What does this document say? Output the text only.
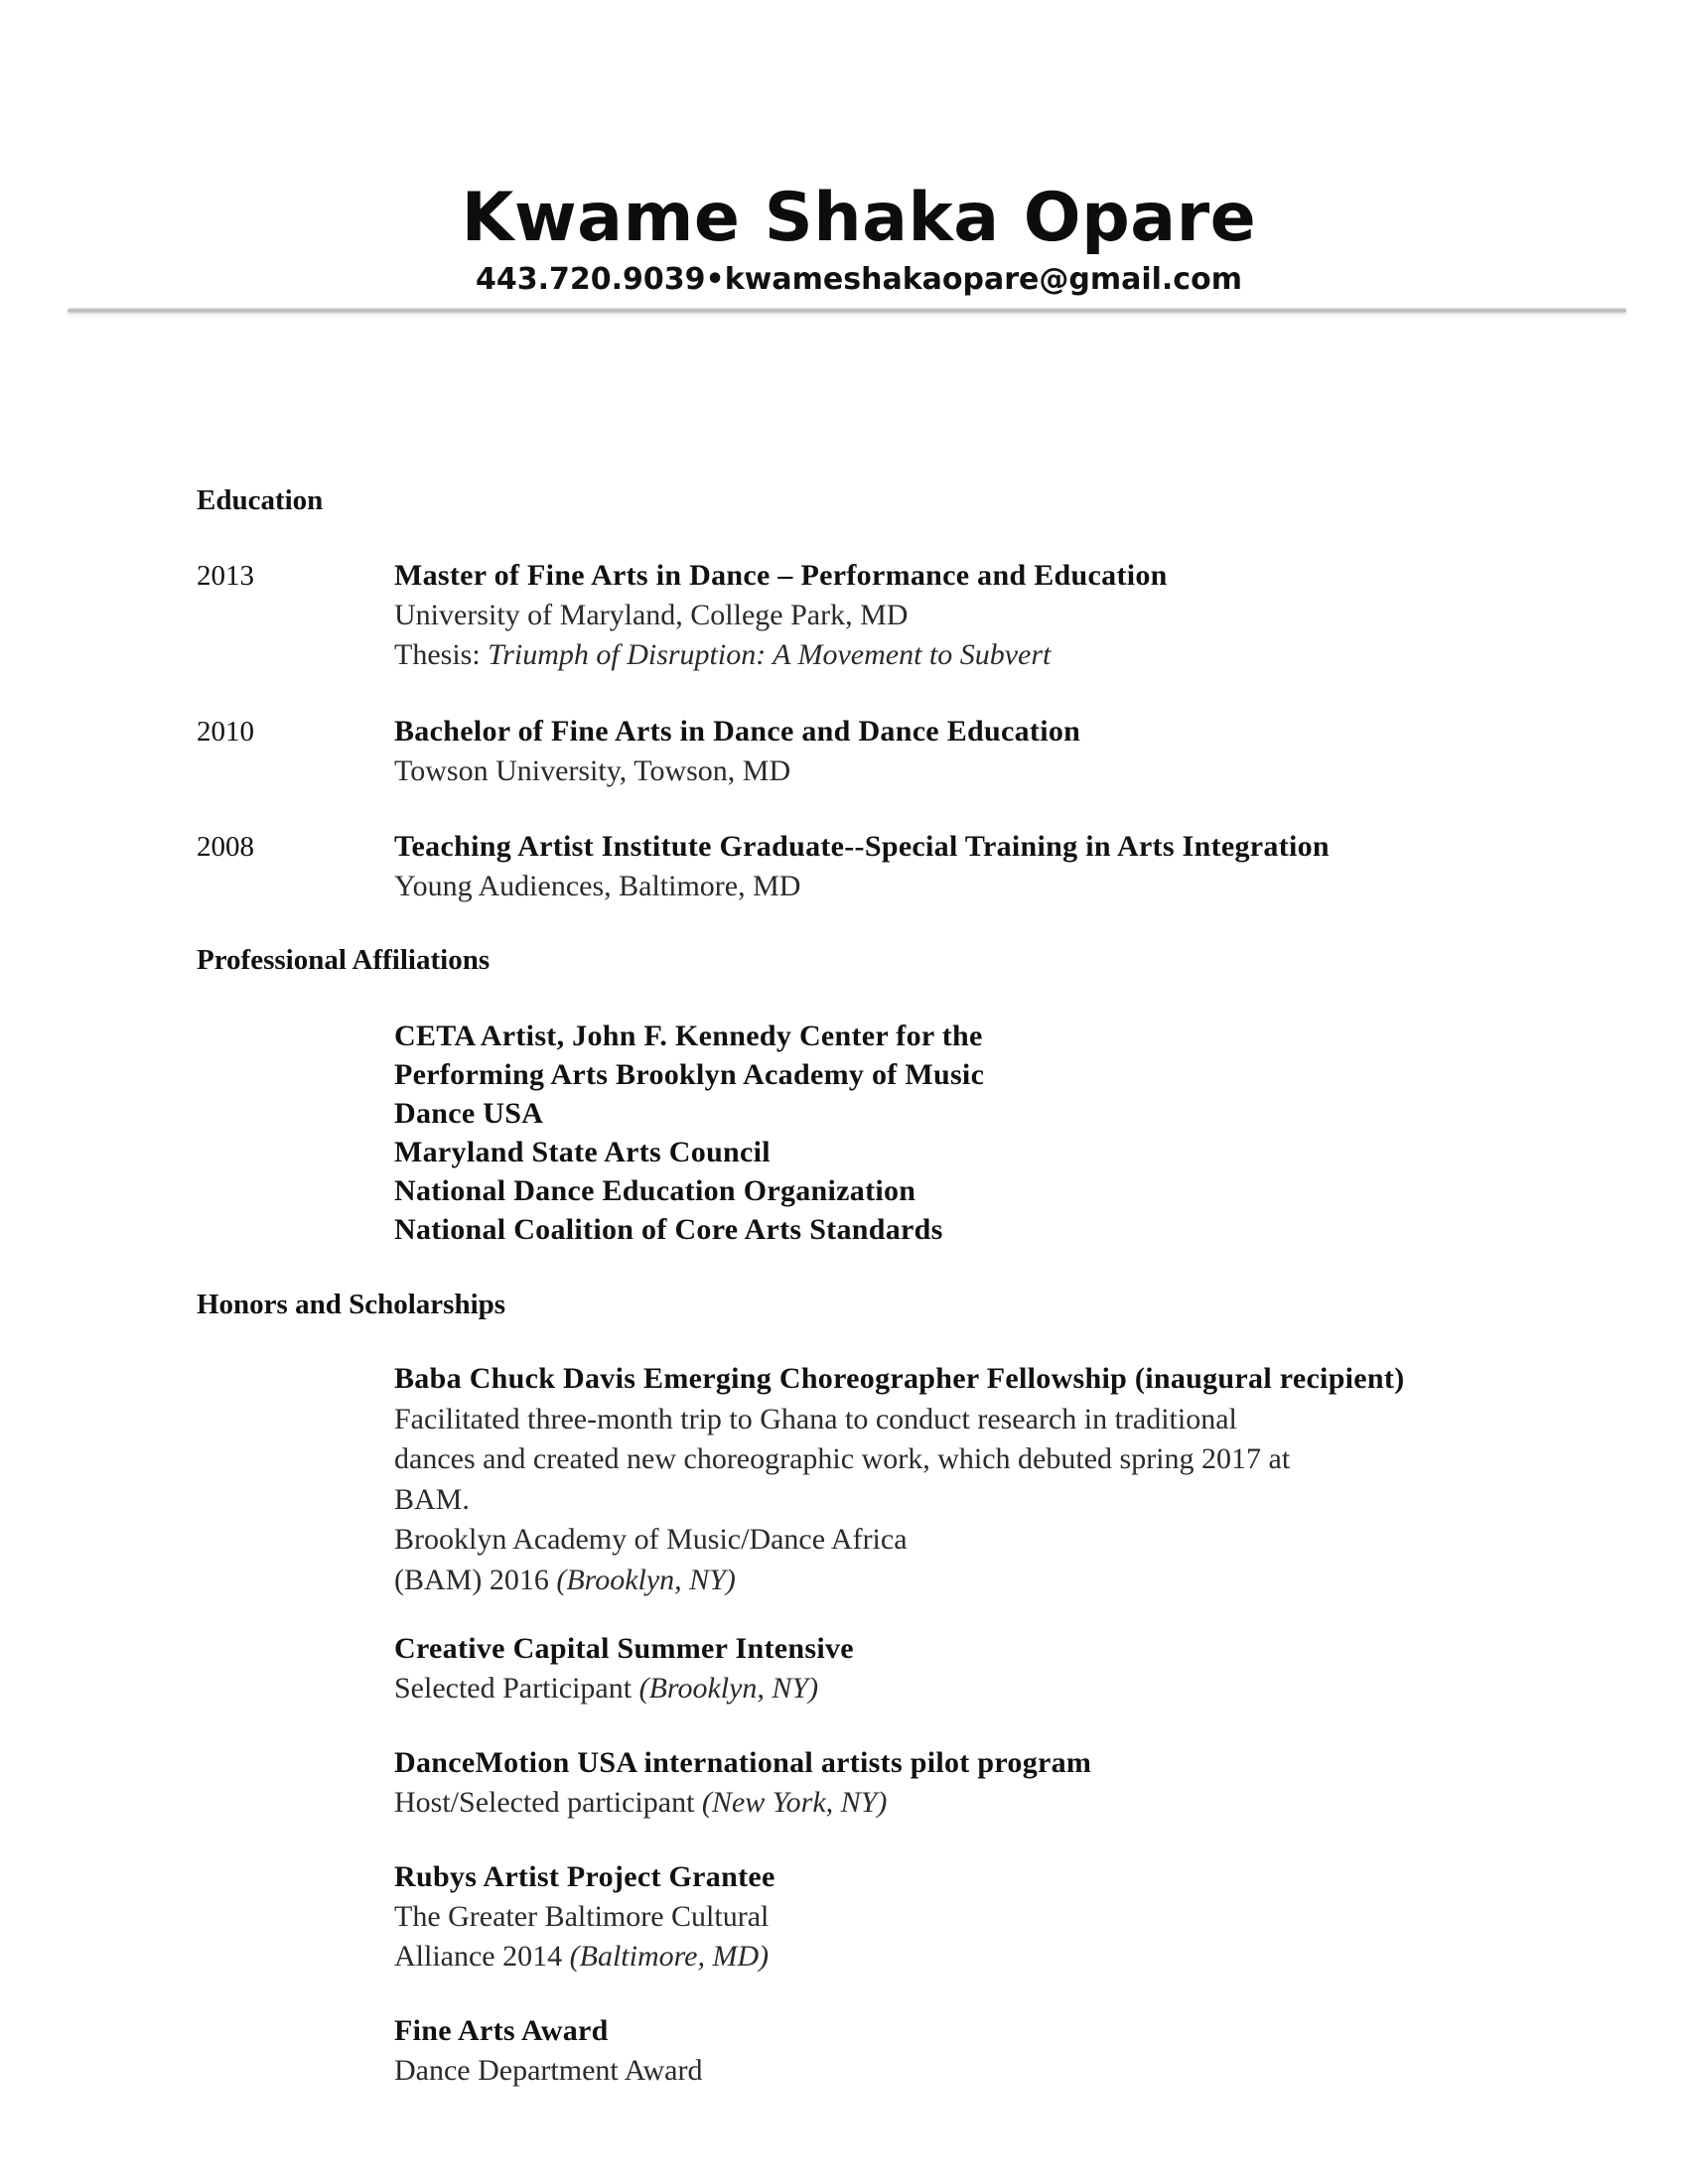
Kwame Shaka Opare
443.720.9039•kwameshakaopare@gmail.com
Education
2013	Master of Fine Arts in Dance – Performance and Education
University of Maryland, College Park, MD
Thesis: Triumph of Disruption: A Movement to Subvert
2010	Bachelor of Fine Arts in Dance and Dance Education
Towson University, Towson, MD
2008	Teaching Artist Institute Graduate--Special Training in Arts Integration
Young Audiences, Baltimore, MD
Professional Affiliations
CETA Artist, John F. Kennedy Center for the
Performing Arts Brooklyn Academy of Music
Dance USA
Maryland State Arts Council
National Dance Education Organization
National Coalition of Core Arts Standards
Honors and Scholarships
Baba Chuck Davis Emerging Choreographer Fellowship (inaugural recipient)
Facilitated three-month trip to Ghana to conduct research in traditional
dances and created new choreographic work, which debuted spring 2017 at
BAM.
Brooklyn Academy of Music/Dance Africa
(BAM) 2016 (Brooklyn, NY)
Creative Capital Summer Intensive
Selected Participant (Brooklyn, NY)
DanceMotion USA international artists pilot program
Host/Selected participant (New York, NY)
Rubys Artist Project Grantee
The Greater Baltimore Cultural
Alliance 2014 (Baltimore, MD)
Fine Arts Award
Dance Department Award
